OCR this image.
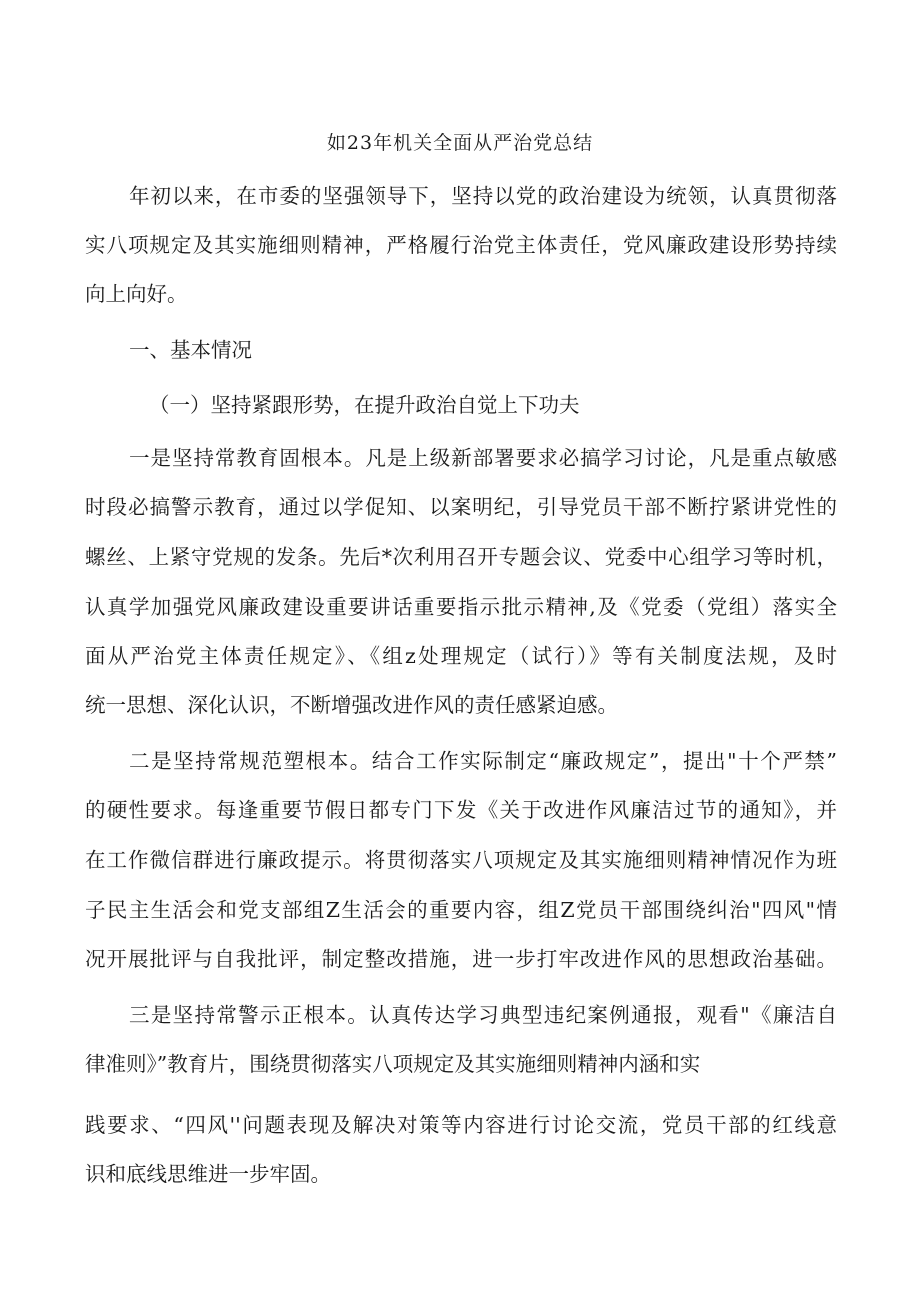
如23年机关全面从严治党总结
年初以来，在市委的坚强领导下，坚持以党的政治建设为统领，认真贯彻落
实八项规定及其实施细则精神，严格履行治党主体责任，党风廉政建设形势持续
向上向好。
一、基本情况
（一）坚持紧跟形势，在提升政治自觉上下功夫
一是坚持常教育固根本。凡是上级新部署要求必搞学习讨论，凡是重点敏感
时段必搞警示教育，通过以学促知、以案明纪，引导党员干部不断拧紧讲党性的
螺丝、上紧守党规的发条。先后*次利用召开专题会议、党委中心组学习等时机，
认真学加强党风廉政建设重要讲话重要指示批示精神,及《党委（党组）落实全
面从严治党主体责任规定》、《组z处理规定（试行）》等有关制度法规，及时
统一思想、深化认识，不断增强改进作风的责任感紧迫感。
二是坚持常规范塑根本。结合工作实际制定“廉政规定”，提出"十个严禁”
的硬性要求。每逢重要节假日都专门下发《关于改进作风廉洁过节的通知》，并
在工作微信群进行廉政提示。将贯彻落实八项规定及其实施细则精神情况作为班
子民主生活会和党支部组Z生活会的重要内容，组Z党员干部围绕纠治"四风"情
况开展批评与自我批评，制定整改措施，进一步打牢改进作风的思想政治基础。
三是坚持常警示正根本。认真传达学习典型违纪案例通报，观看"《廉洁自
律准则》”教育片，围绕贯彻落实八项规定及其实施细则精神内涵和实
践要求、“四风''问题表现及解决对策等内容进行讨论交流，党员干部的红线意
识和底线思维进一步牢固。
